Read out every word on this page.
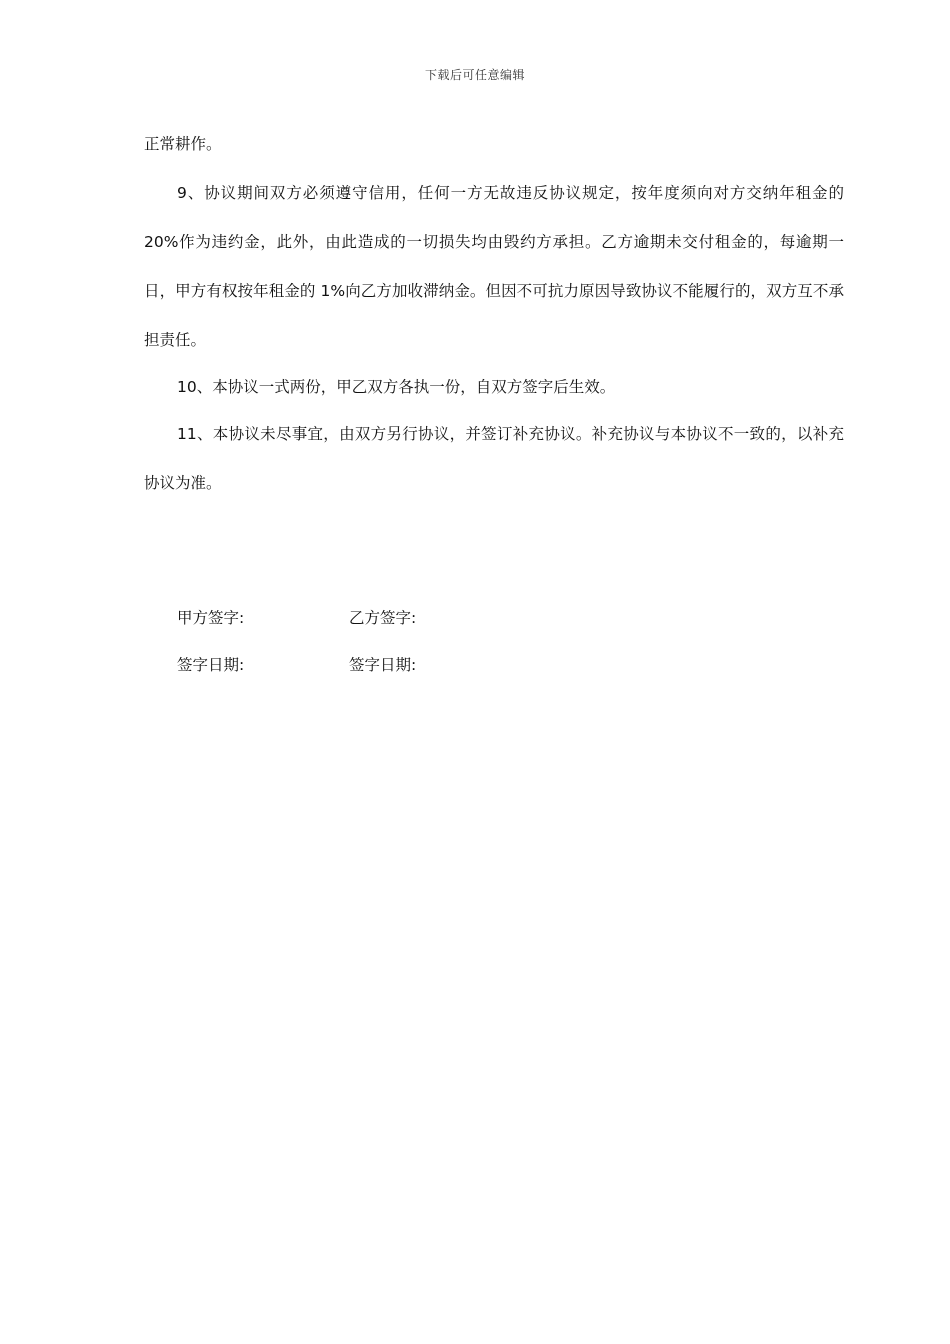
下载后可任意编辑

正常耕作。

9、协议期间双方必须遵守信用，任何一方无故违反协议规定，按年度须向对方交纳年租金的 20%作为违约金，此外，由此造成的一切损失均由毁约方承担。乙方逾期未交付租金的，每逾期一日，甲方有权按年租金的 1%向乙方加收滞纳金。但因不可抗力原因导致协议不能履行的，双方互不承担责任。

10、本协议一式两份，甲乙双方各执一份，自双方签字后生效。

11、本协议未尽事宜，由双方另行协议，并签订补充协议。补充协议与本协议不一致的，以补充协议为准。

甲方签字:	乙方签字:
签字日期:	签字日期:
